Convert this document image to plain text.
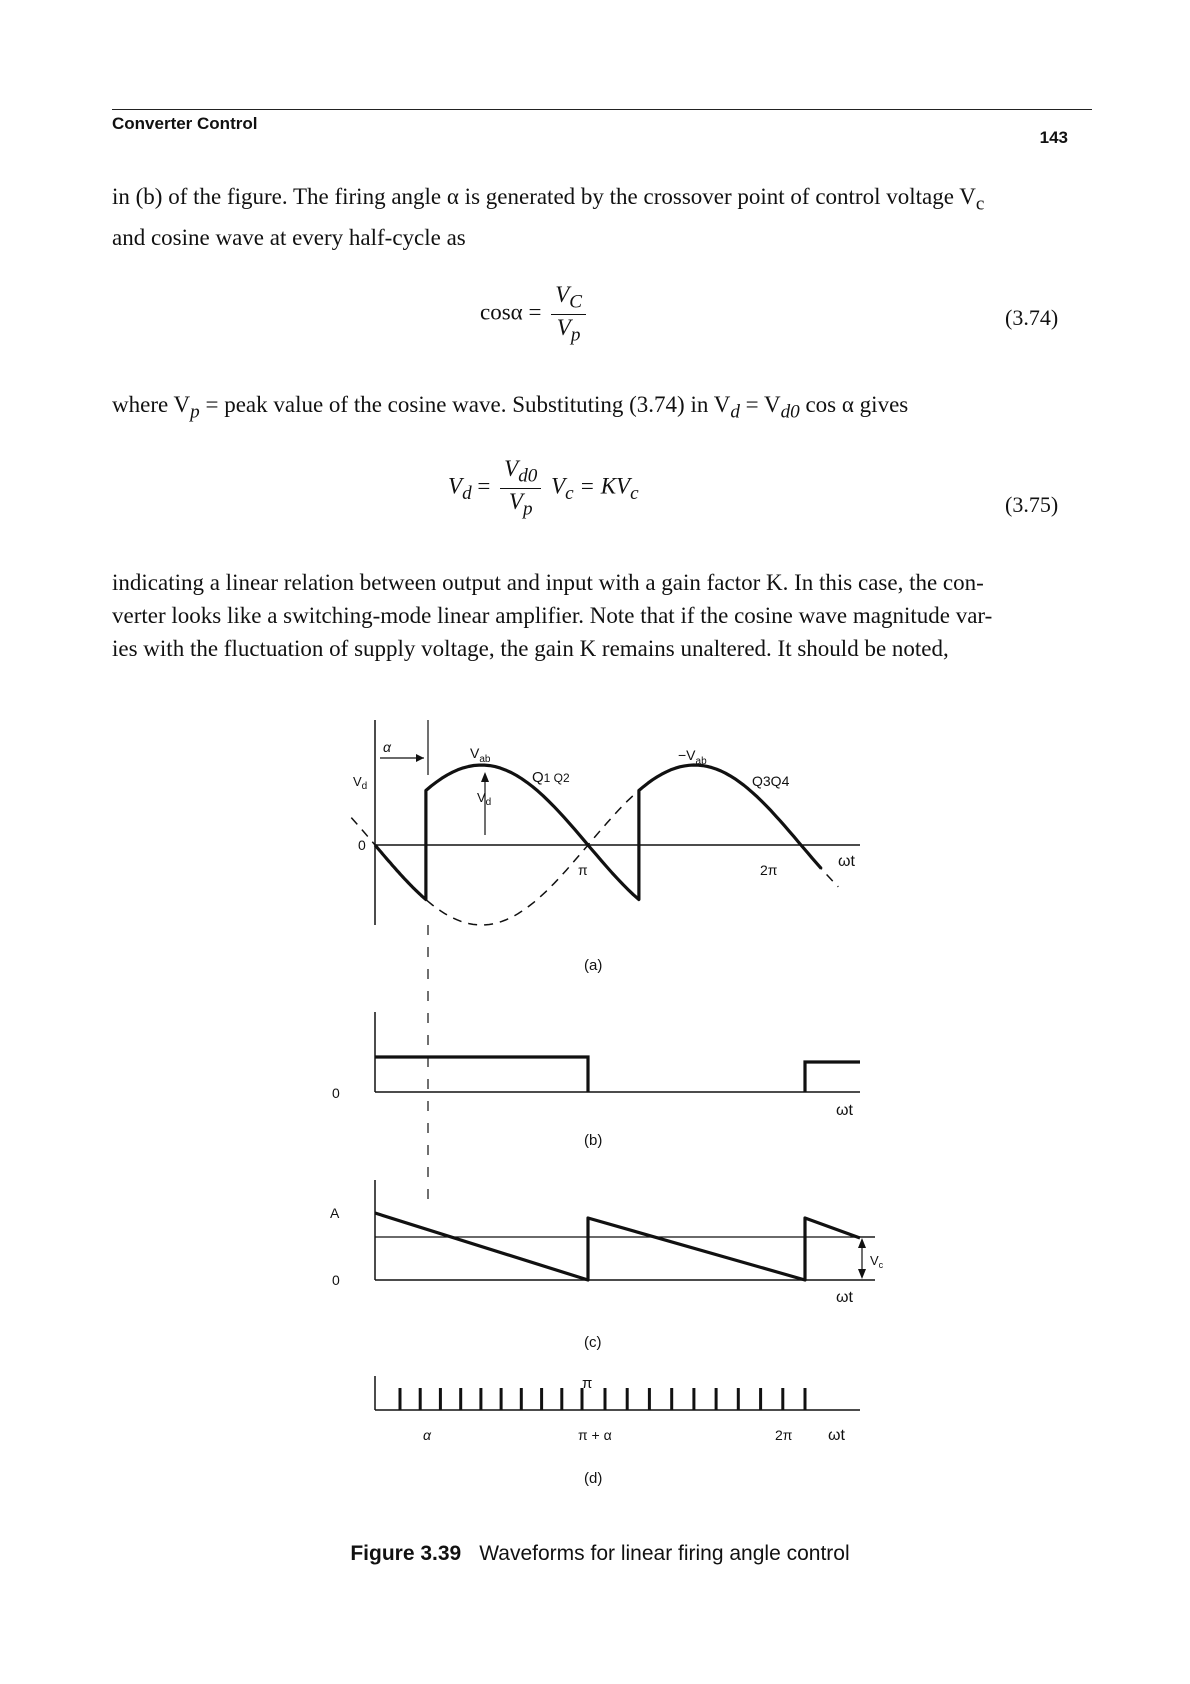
Converter Control
143
in (b) of the figure. The firing angle α is generated by the crossover point of control voltage $V_c$
and cosine wave at every half-cycle as
$\cos\alpha = \frac{V_C}{V_p}$	(3.74)
where $V_p$ = peak value of the cosine wave. Substituting (3.74) in $V_d = V_{d0}$ cos α gives
$V_d = \frac{V_{d0}}{V_p} V_c = KV_c$	(3.75)
indicating a linear relation between output and input with a gain factor K. In this case, the con-
verter looks like a switching-mode linear amplifier. Note that if the cosine wave magnitude var-
ies with the fluctuation of supply voltage, the gain K remains unaltered. It should be noted,
α	$V_{ab}$
Q1 Q2
$-V_{ab}$
Q3Q4
$V_d$
$V_d$
0
π	2π	ωt
(a)
0
ωt
(b)
A
0
ωt
$V_c$
(c)
π
α	π + α	2π ωt
(d)
Figure 3.39 Waveforms for linear firing angle control
